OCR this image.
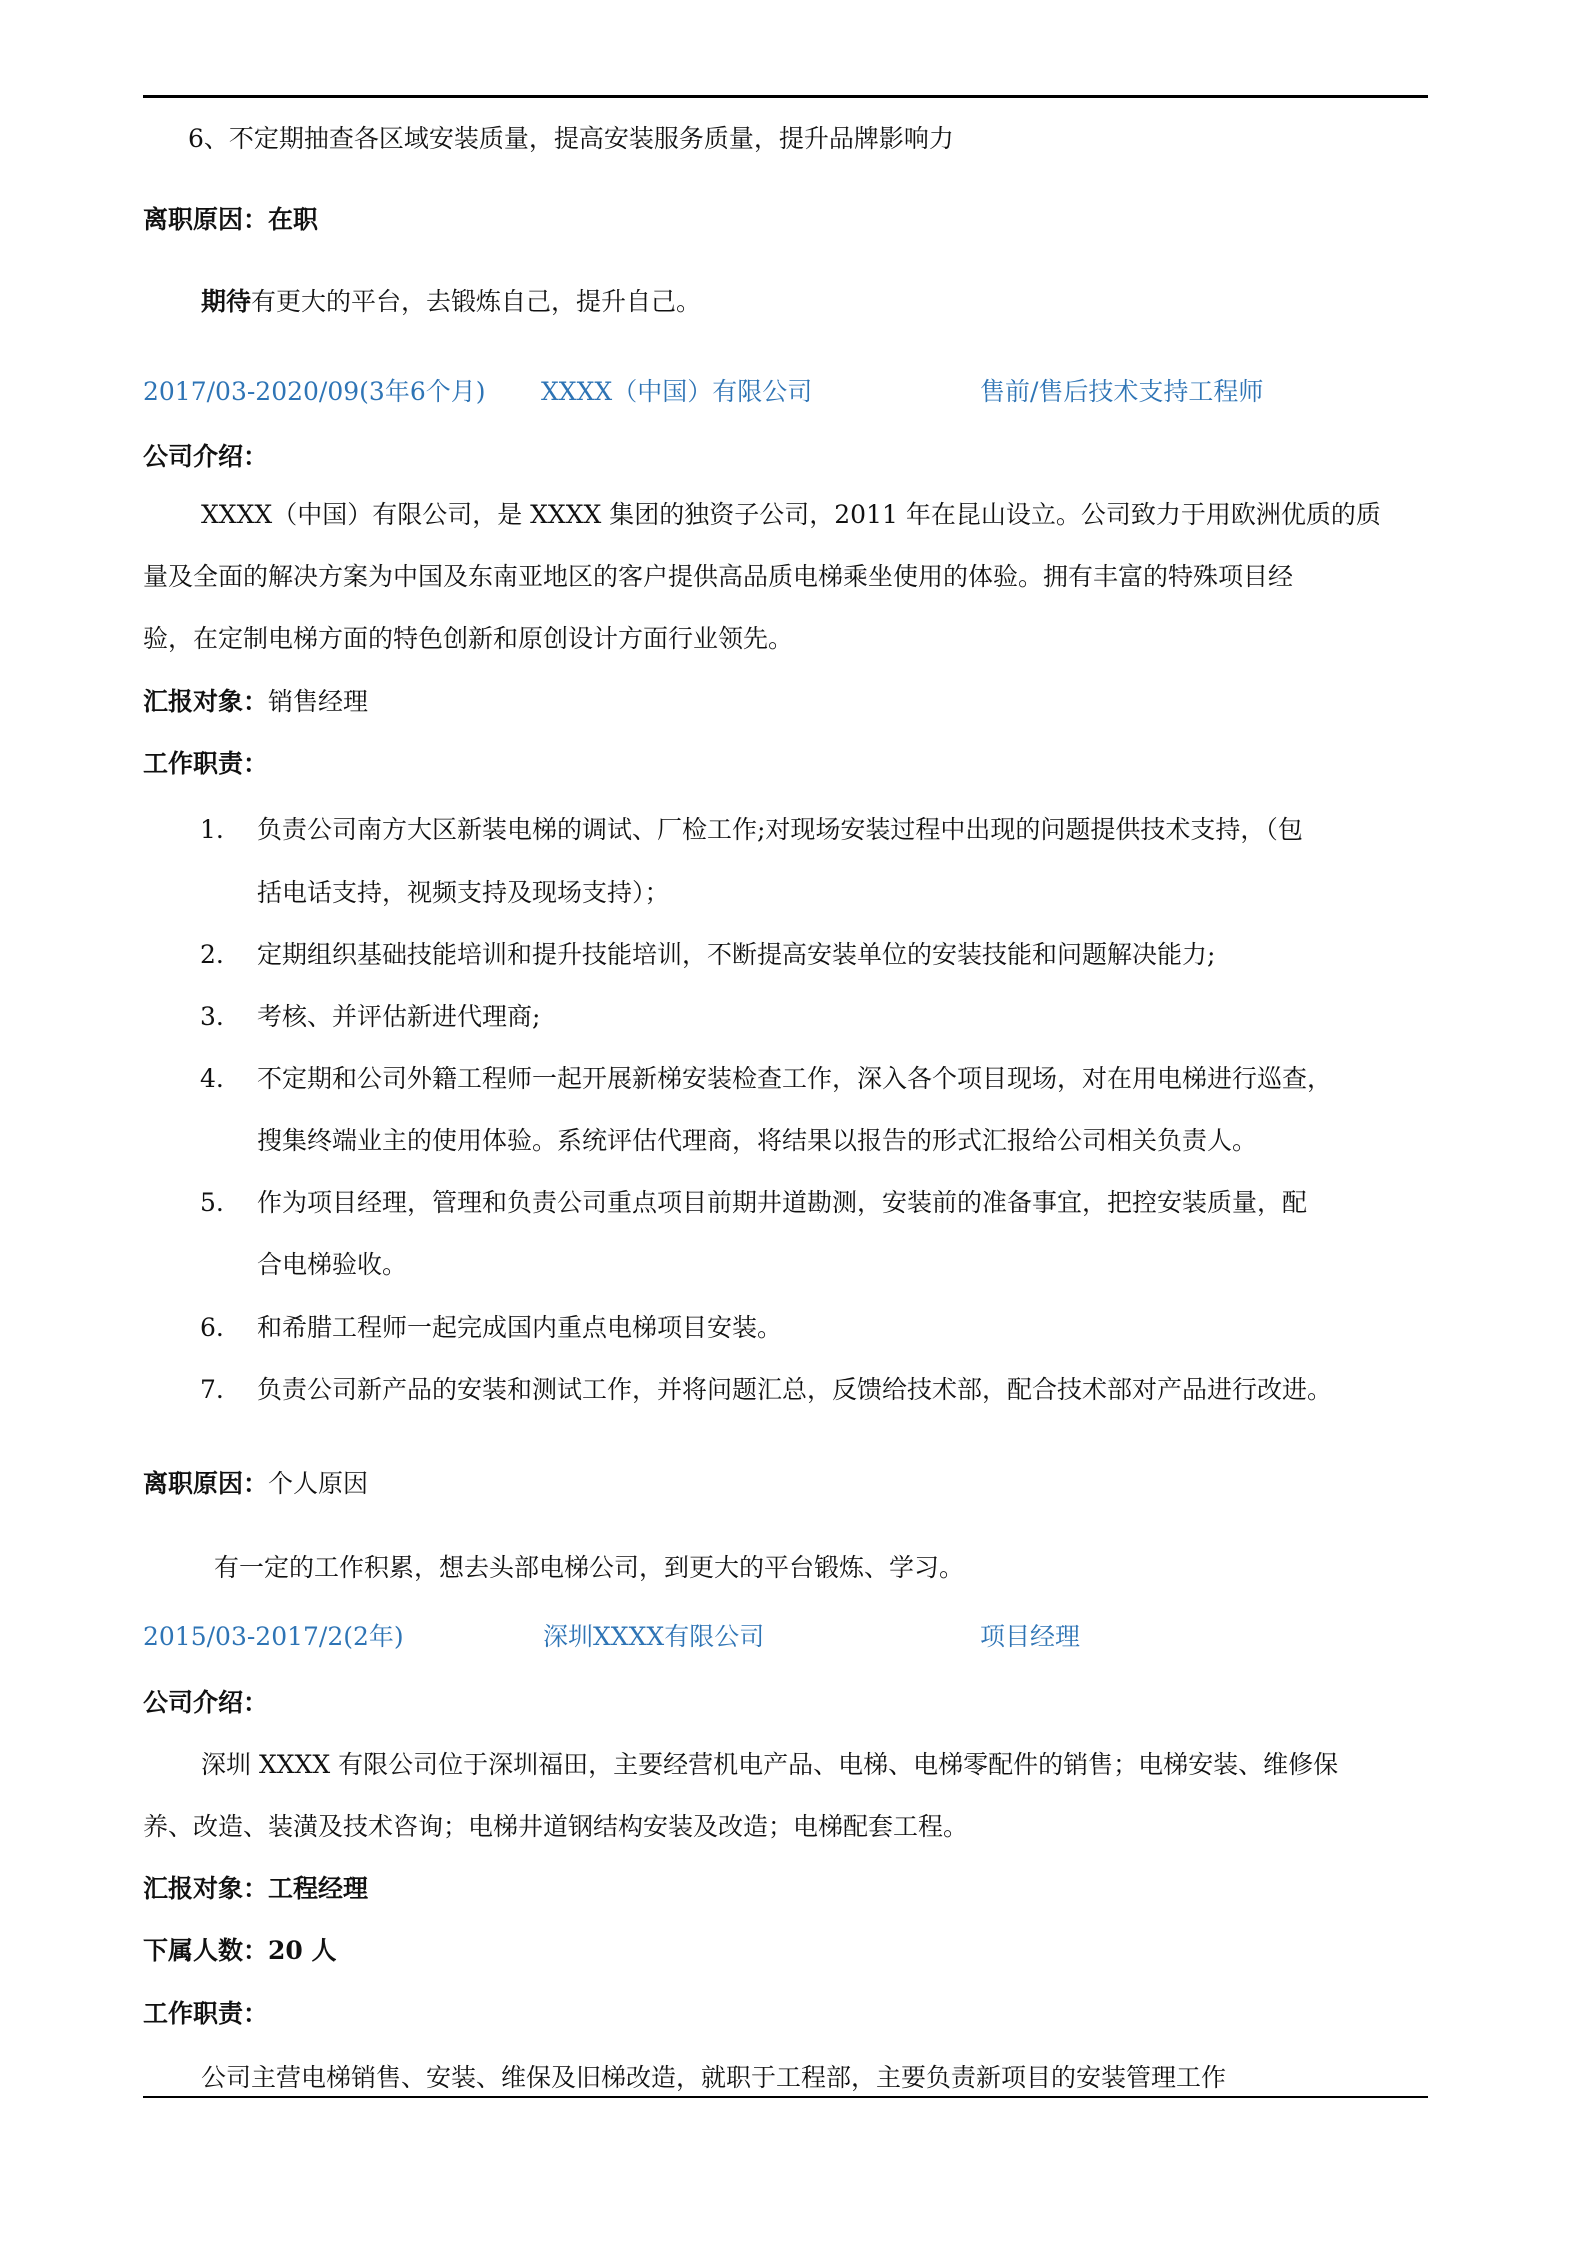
6、不定期抽查各区域安装质量，提高安装服务质量，提升品牌影响力
离职原因：在职
期待有更大的平台，去锻炼自己，提升自己。
2017/03-2020/09(3年6个月) XXXX（中国）有限公司	售前/售后技术支持工程师
公司介绍：
XXXX（中国）有限公司，是 XXXX 集团的独资子公司，2011 年在昆山设立。公司致力于用欧洲优质的质
量及全面的解决方案为中国及东南亚地区的客户提供高品质电梯乘坐使用的体验。拥有丰富的特殊项目经
验，在定制电梯方面的特色创新和原创设计方面行业领先。
汇报对象：销售经理
工作职责：
1. 负责公司南方大区新装电梯的调试、厂检工作;对现场安装过程中出现的问题提供技术支持，（包
括电话支持，视频支持及现场支持）；
2. 定期组织基础技能培训和提升技能培训，不断提高安装单位的安装技能和问题解决能力;
3. 考核、并评估新进代理商;
4. 不定期和公司外籍工程师一起开展新梯安装检查工作，深入各个项目现场，对在用电梯进行巡查，
搜集终端业主的使用体验。系统评估代理商，将结果以报告的形式汇报给公司相关负责人。
5. 作为项目经理，管理和负责公司重点项目前期井道勘测，安装前的准备事宜，把控安装质量，配
合电梯验收。
6. 和希腊工程师一起完成国内重点电梯项目安装。
7. 负责公司新产品的安装和测试工作，并将问题汇总，反馈给技术部，配合技术部对产品进行改进。
离职原因：个人原因
有一定的工作积累，想去头部电梯公司，到更大的平台锻炼、学习。
2015/03-2017/2(2年)	深圳XXXX有限公司	项目经理
公司介绍：
深圳 XXXX 有限公司位于深圳福田，主要经营机电产品、电梯、电梯零配件的销售；电梯安装、维修保
养、改造、装潢及技术咨询；电梯井道钢结构安装及改造；电梯配套工程。
汇报对象：工程经理
下属人数：20 人
工作职责：
公司主营电梯销售、安装、维保及旧梯改造，就职于工程部，主要负责新项目的安装管理工作
